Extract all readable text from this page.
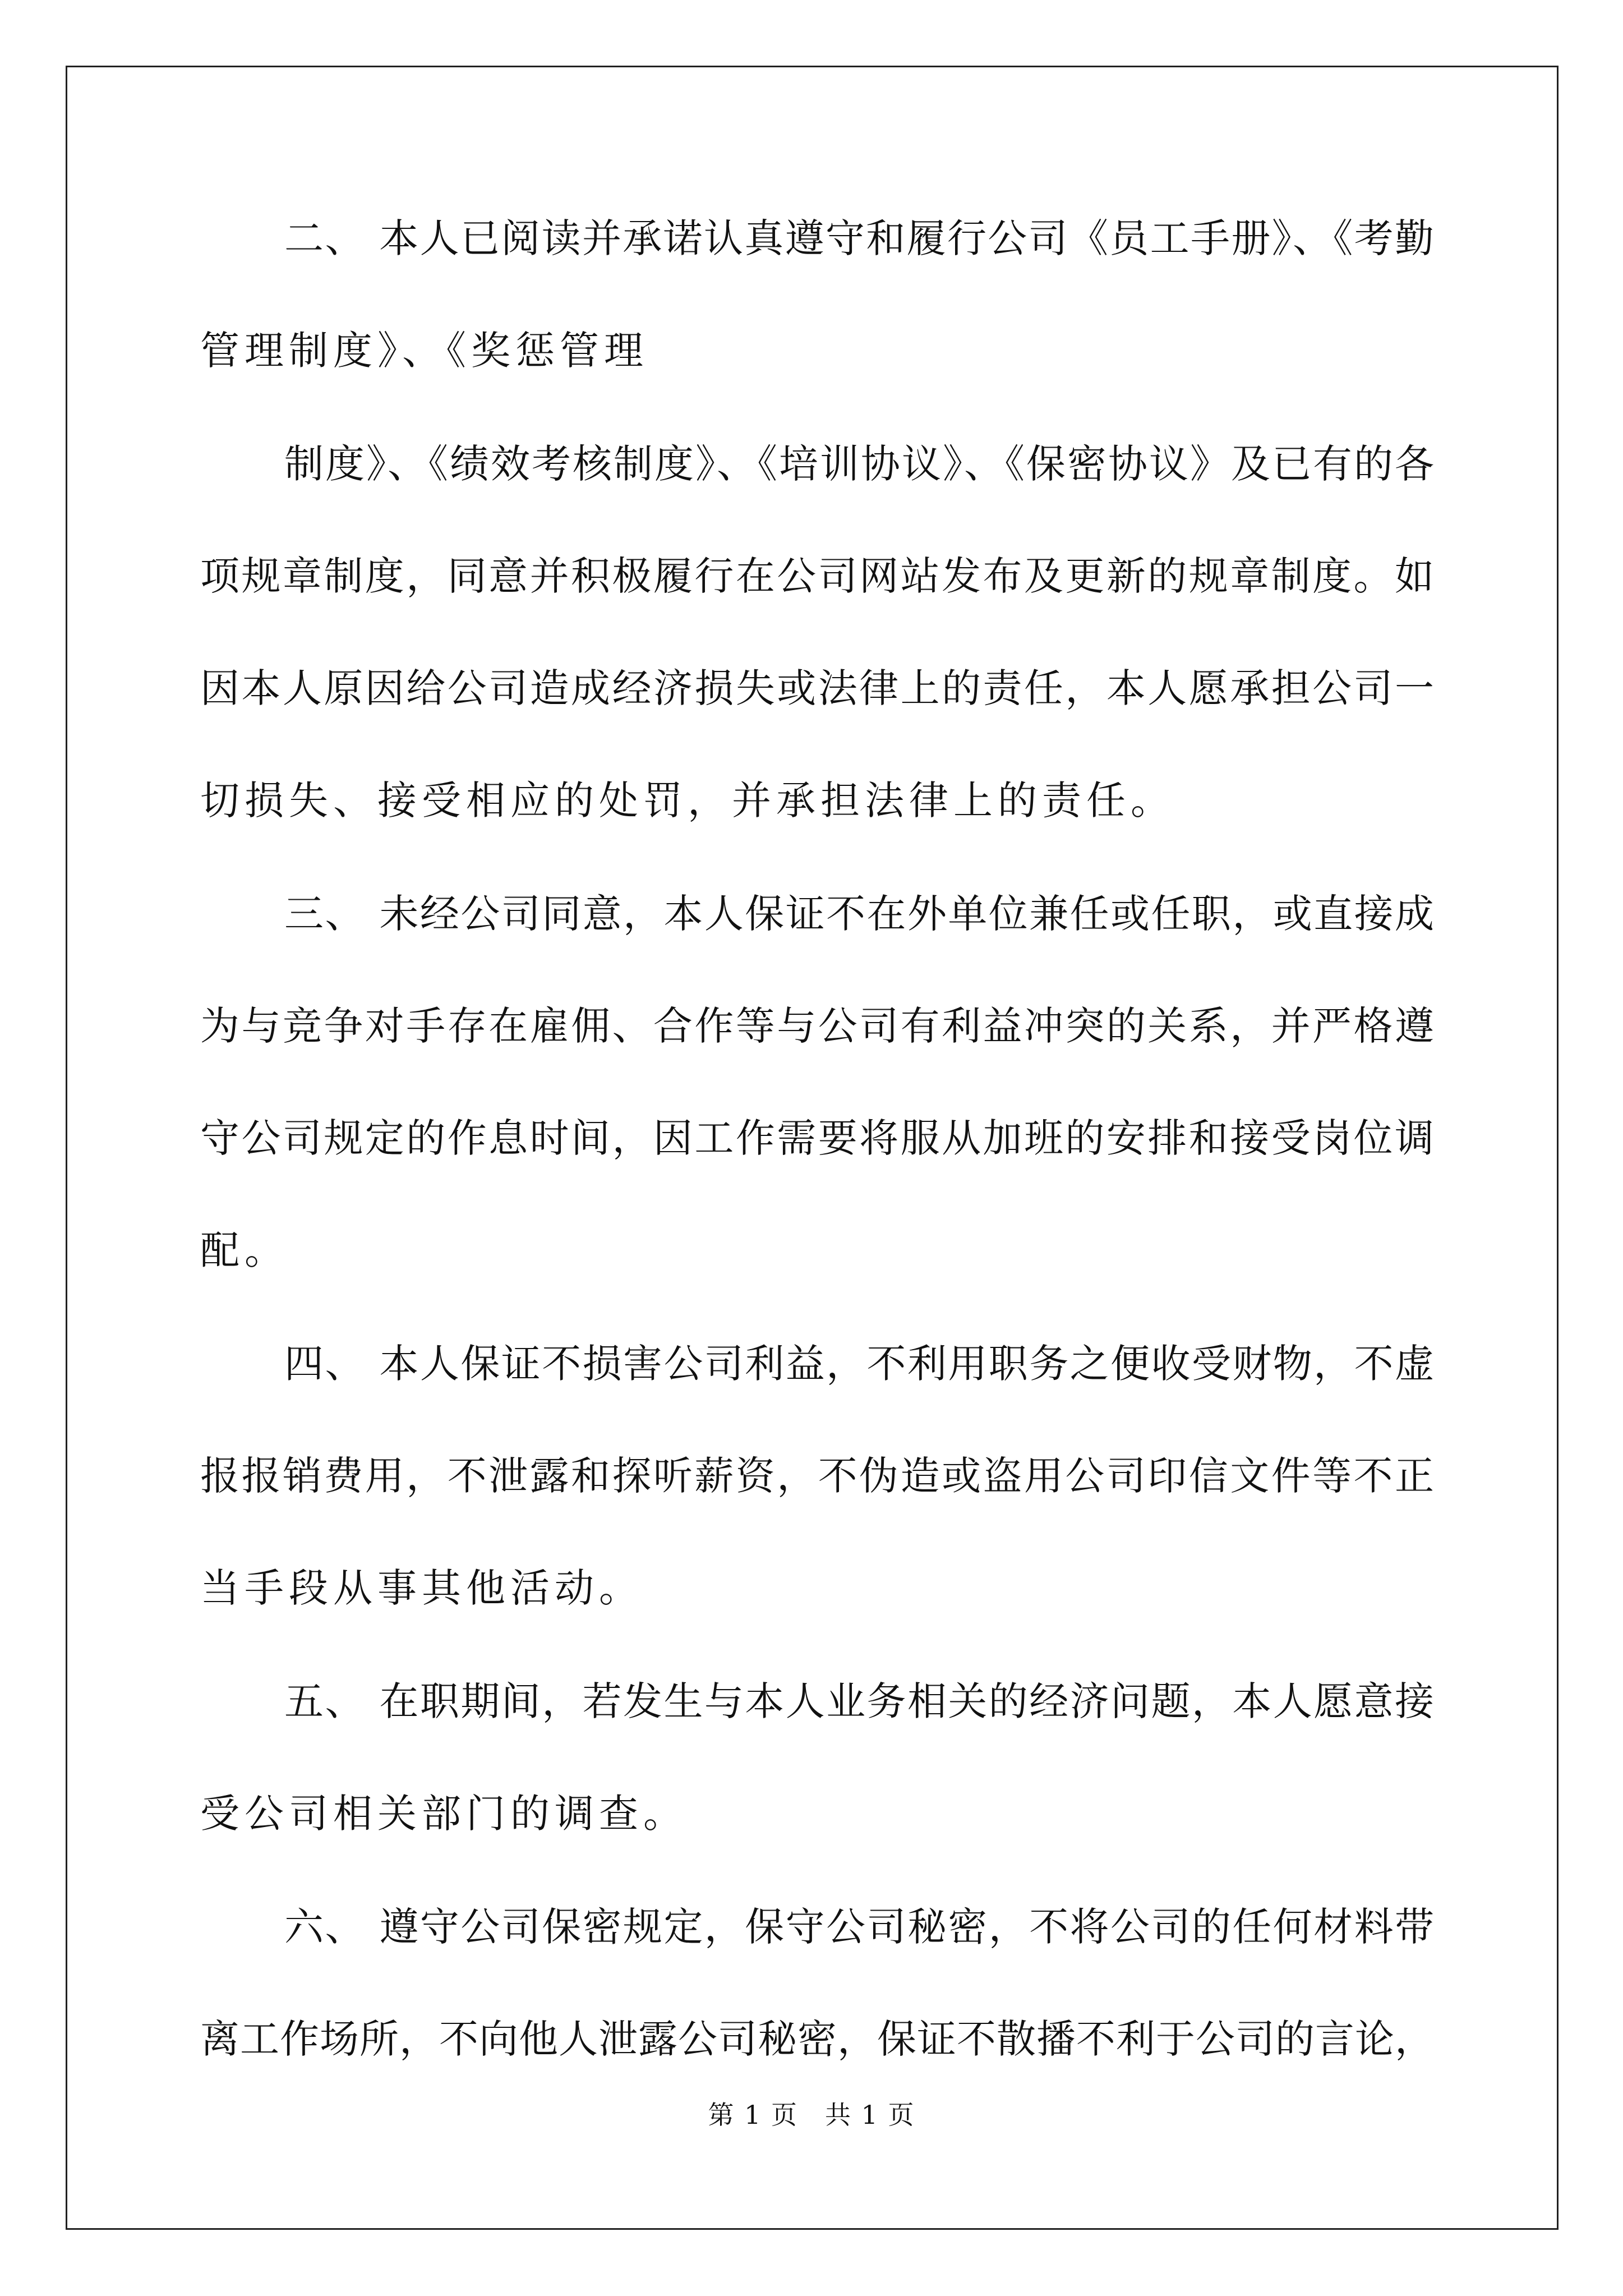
二、 本人已阅读并承诺认真遵守和履行公司《员工手册》、《考勤
管理制度》、《奖惩管理
制度》、《绩效考核制度》、《培训协议》、《保密协议》及已有的各
项规章制度，同意并积极履行在公司网站发布及更新的规章制度。如
因本人原因给公司造成经济损失或法律上的责任，本人愿承担公司一
切损失、接受相应的处罚，并承担法律上的责任。
三、 未经公司同意，本人保证不在外单位兼任或任职，或直接成
为与竞争对手存在雇佣、合作等与公司有利益冲突的关系，并严格遵
守公司规定的作息时间，因工作需要将服从加班的安排和接受岗位调
配。
四、 本人保证不损害公司利益，不利用职务之便收受财物，不虚
报报销费用，不泄露和探听薪资，不伪造或盗用公司印信文件等不正
当手段从事其他活动。
五、 在职期间，若发生与本人业务相关的经济问题，本人愿意接
受公司相关部门的调查。
六、 遵守公司保密规定，保守公司秘密，不将公司的任何材料带
离工作场所，不向他人泄露公司秘密，保证不散播不利于公司的言论，
第 1 页　共 1 页
